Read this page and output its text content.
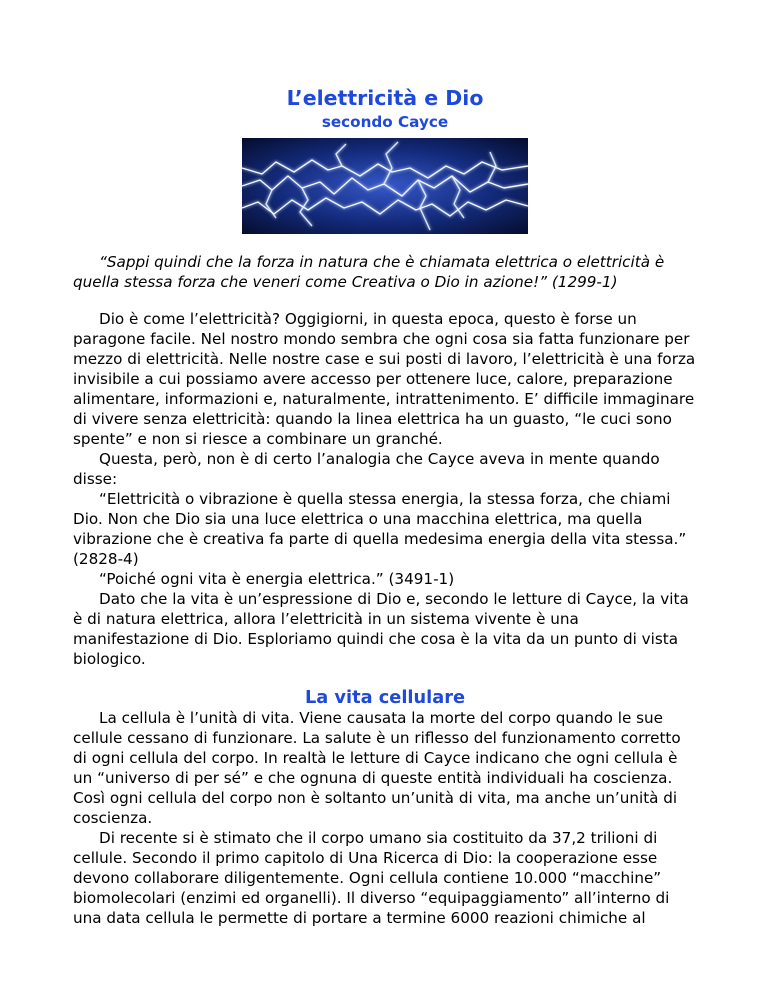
L’elettricità e Dio
secondo Cayce

“Sappi quindi che la forza in natura che è chiamata elettrica o elettricità è quella stessa forza che veneri come Creativa o Dio in azione!” (1299-1)

Dio è come l’elettricità? Oggigiorni, in questa epoca, questo è forse un paragone facile. Nel nostro mondo sembra che ogni cosa sia fatta funzionare per mezzo di elettricità. Nelle nostre case e sui posti di lavoro, l’elettricità è una forza invisibile a cui possiamo avere accesso per ottenere luce, calore, preparazione alimentare, informazioni e, naturalmente, intrattenimento. E’ difficile immaginare di vivere senza elettricità: quando la linea elettrica ha un guasto, “le cuci sono spente” e non si riesce a combinare un granché.

Questa, però, non è di certo l’analogia che Cayce aveva in mente quando disse:

“Elettricità o vibrazione è quella stessa energia, la stessa forza, che chiami Dio. Non che Dio sia una luce elettrica o una macchina elettrica, ma quella vibrazione che è creativa fa parte di quella medesima energia della vita stessa.” (2828-4)

“Poiché ogni vita è energia elettrica.” (3491-1)

Dato che la vita è un’espressione di Dio e, secondo le letture di Cayce, la vita è di natura elettrica, allora l’elettricità in un sistema vivente è una manifestazione di Dio. Esploriamo quindi che cosa è la vita da un punto di vista biologico.

La vita cellulare

La cellula è l’unità di vita. Viene causata la morte del corpo quando le sue cellule cessano di funzionare. La salute è un riflesso del funzionamento corretto di ogni cellula del corpo. In realtà le letture di Cayce indicano che ogni cellula è un “universo di per sé” e che ognuna di queste entità individuali ha coscienza. Così ogni cellula del corpo non è soltanto un’unità di vita, ma anche un’unità di coscienza.

Di recente si è stimato che il corpo umano sia costituito da 37,2 trilioni di cellule. Secondo il primo capitolo di Una Ricerca di Dio: la cooperazione esse devono collaborare diligentemente. Ogni cellula contiene 10.000 “macchine” biomolecolari (enzimi ed organelli). Il diverso “equipaggiamento” all’interno di una data cellula le permette di portare a termine 6000 reazioni chimiche al
